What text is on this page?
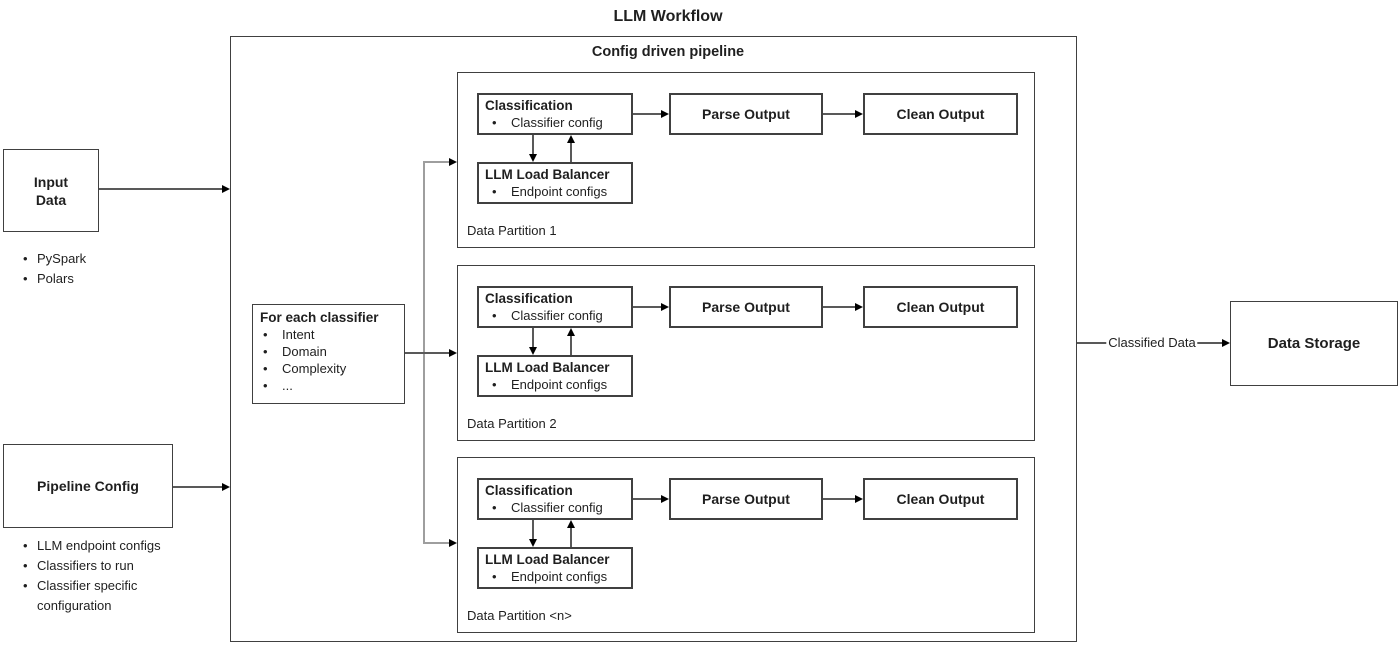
LLM Workflow
Config driven pipeline
Input Data
• PySpark
• Polars
Pipeline Config
• LLM endpoint configs
• Classifiers to run
• Classifier specific configuration
For each classifier
• Intent
• Domain
• Complexity
• ...
Classification
• Classifier config
LLM Load Balancer
• Endpoint configs
Parse Output	Clean Output
Data Partition 1
Classification
• Classifier config
LLM Load Balancer
• Endpoint configs
Parse Output	Clean Output
Data Partition 2
Classification
• Classifier config
LLM Load Balancer
• Endpoint configs
Parse Output	Clean Output
Data Partition <n>
Classified Data	Data Storage
